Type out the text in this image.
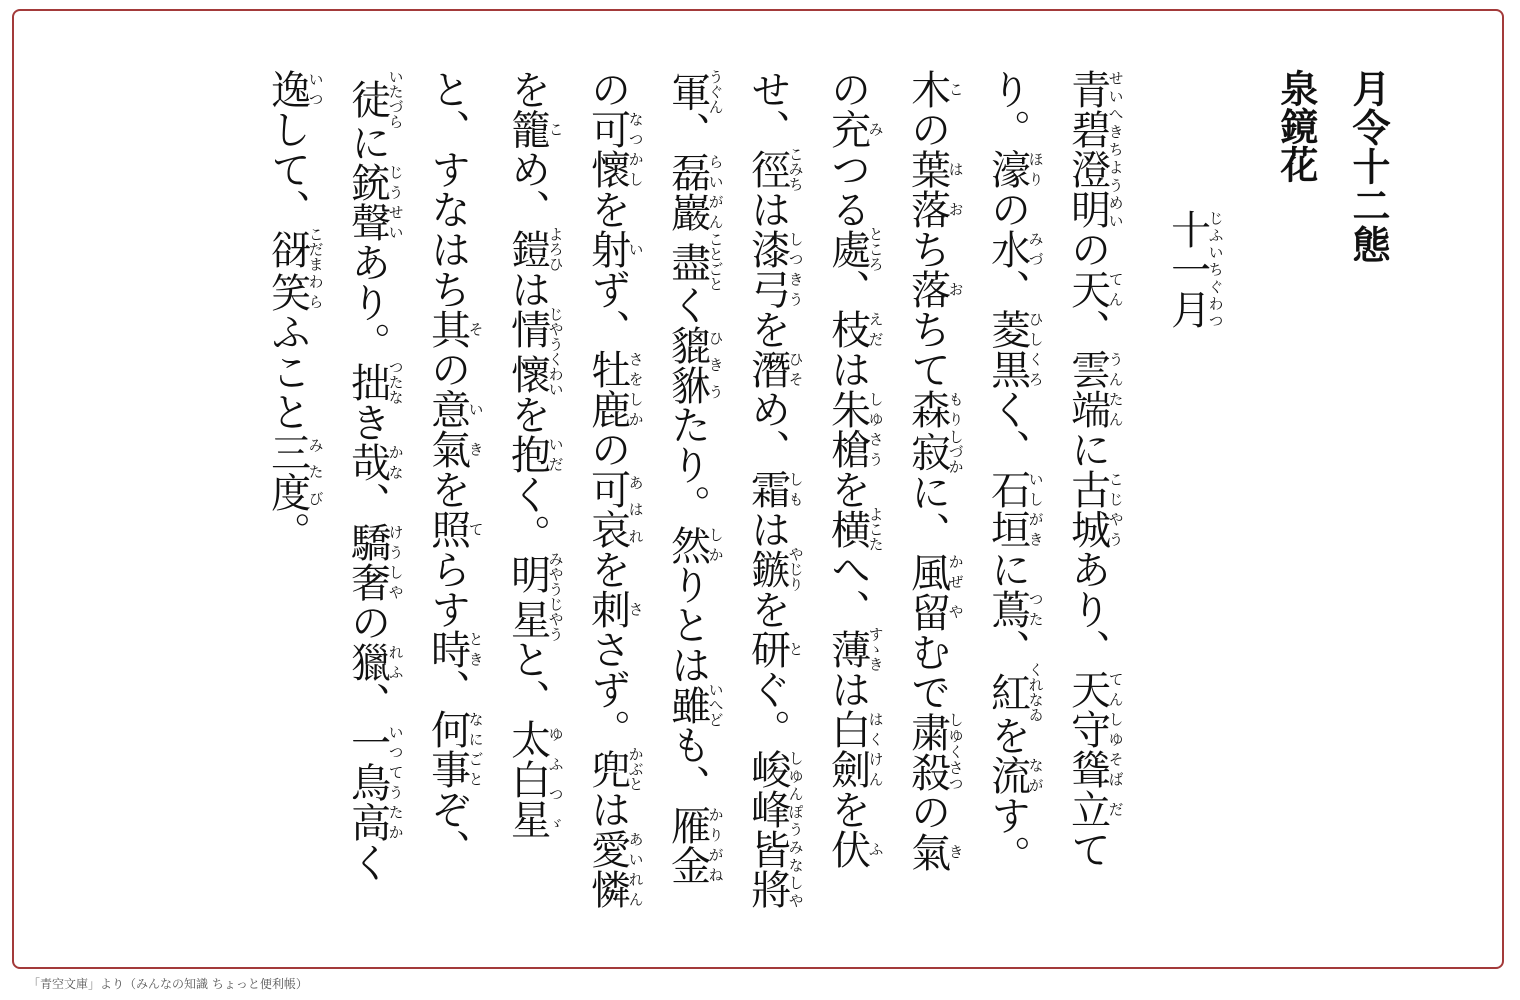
月令十二態
泉鏡花
十一月じふいちぐわつ

青碧澄明せいへきちようめいの天てん、雲端うんたんに古城こじやうあり、天守聳てんしゆそば立だてり。濠ほりの水みづ、菱黒ひしくろく、石垣いしがきに蔦つた、紅くれなゐを流ながす。木この葉は落おち落おちて森もり寂しづかに、風かぜ留やむで粛殺しゆくさつの氣きの充みつる處ところ、枝えだは朱槍しゆさうを横よこたへ、薄すゝきは白劍はくけんを伏ふせ、徑こみちは漆弓しつきうを潛ひそめ、霜しもは鏃やじりを研とぐ。峻峰皆將軍しゆんぽうみなしやうぐん、磊巖らいがん盡ことごとく貔貅ひきうたり。然しかりとは雖いへども、雁金かりがねの可懷なつかしを射いず、牡鹿さをしかの可哀あはれを刺ささず。兜かぶとは愛憐あいれんを籠こめ、鎧よろひは情懷じやうくわいを抱いだく。明星みやうじやうと、太白星ゆふつゞと、すなはち其その意氣いきを照てらす時とき、何事なにごとぞ、徒いたづらに銃聲じうせいあり。拙つたなき哉かな、驕奢けうしやの獵れふ、一鳥高いつてうたかく逸いつして、谺こだま笑わらふこと三度みたび。

「青空文庫」より（みんなの知識 ちょっと便利帳）
